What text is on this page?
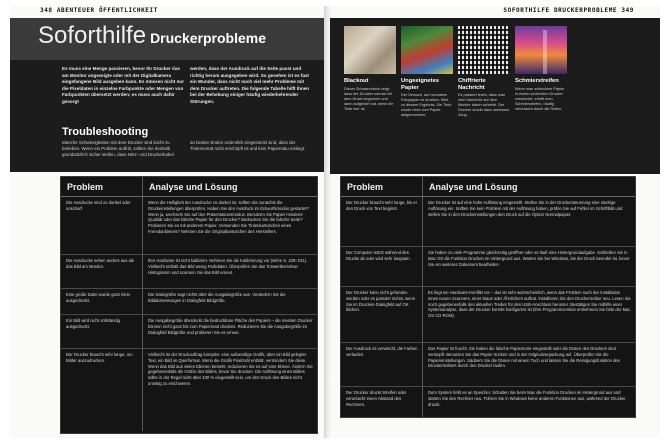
348 ABENTEUER ÖFFENTLICHKEIT
Soforthilfe Druckerprobleme
Es muss eine Menge passieren, bevor Ihr Drucker das am Monitor angezeigte oder mit der Digitalkamera eingefangene Bild ausgeben kann. Es müssen nicht nur die Pixeldaten in einzelne Farbpunkte oder Mengen von Farbpunkten übersetzt werden; es muss auch dafür gesorgt
werden, dass der Ausdruck auf die Seite passt und richtig herum ausgegeben wird. So gesehen ist es fast ein Wunder, dass nicht noch viel mehr Probleme mit dem Drucker auftreten. Die folgende Tabelle hilft Ihnen bei der Behebung einiger häufig wiederkehrender Störungen.
Troubleshooting
Manche Schwierigkeiten mit dem Drucker sind leicht zu beheben. Wenn ein Problem auftritt, sollten Sie deshalb grundsätzlich sicher stellen, dass Netz- und Druckerkabel
an beiden Enden ordentlich eingesteckt sind, dass der Tintenvorrat nicht erschöpft ist und kein Papierstau vorliegt.
Problem	Analyse und Lösung
Die Ausdrucke sind zu dunkel oder unscharf.
Wenn die Helligkeit der Ausdrucke zu dunkel ist, sollten Sie zunächst die Druckeinstellungen überprüfen. Haben Sie den Ausdruck im Entwurfsmodus gestartet? Wenn ja, wechseln Sie auf den Präsentationsmodus. Benutzen Sie Papier minderer Qualität oder das falsche Papier für den Drucker? Bedrucken Sie die falsche Seite? Probieren Sie es mit anderem Papier. Verwenden Sie Tintenkartuschen eines Fremdanbieters? Nehmen Sie die Originalkartuschen des Herstellers.
Die Ausdrucke sehen anders aus als das Bild am Monitor.
Ihre Hardware ist nicht kalibriert. Nehmen Sie die Kalibrierung vor (siehe S. 228–231). Vielleicht enthält das Bild wenig Farbdaten. Überprüfen Sie das Tonwertkorrektur-Histogramm und scannen Sie das Bild erneut.
Eine große Datei wurde ganz klein ausgedruckt.
Die Dateigröße sagt nichts über die Ausgabegröße aus. Verändern Sie die Bildabmessungen in Dialogfeld Bildgröße.
Ein Bild wird nicht vollständig ausgedruckt.
Die Ausgabegröße überdeckt die bedruckbare Fläche des Papiers – die meisten Drucker können nicht ganz bis zum Papierrand drucken. Reduzieren Sie die Ausgabegröße im Dialogfeld Bildgröße und probieren Sie es erneut.
Der Drucker braucht sehr lange, um Bilder auszudrucken.
Vielleicht ist der Druckauftrag komplex: eine aufwendige Grafik, über ein Bild gelegter Text, ein Bild im Querformat. Wenn die Grafik Pixelzahl enthält, vermindern Sie diese. Wenn das Bild aus vielen Ebenen besteht, reduzieren Sie es auf eine Ebene. Ändern Sie gegebenenfalls die Größe des Bildes, bevor Sie drucken. Die Auflösung eines Bildes sollte in der Regel nicht über 100 % eingestellt sein, um den Druck des Bildes nicht unnötig zu erschweren.
SOFORTHILFE DRUCKERPROBLEME 349
Blackout
Dieser Schwarzdruck zeigt, dass der Drucker normal mit dem Druck begonnen und dann aufgehört hat, wenn die Tinte leer ist.
Ungeeignetes Papier
Der Versuch, auf normalem Fotopapier zu drucken, führt zu diesem Ergebnis. Die Tinte wurde nicht vom Papier aufgenommen.
Chiffrierte Nachricht
Es passiert leicht, dass man eine Nachricht auf dem Monitor falsch schreibt. Der Drucker druckt dann sinnloses Zeug.
Schmierstreifen
Wenn man schlechtes Papier in einem schlechten Drucker verwendet, erhält man Schmierstreifen, häufig verursacht durch die Rollen.
Problem	Analyse und Lösung
Der Drucker braucht sehr lange, bis er den Druck von Text beginnt.
Der Drucker ist auf eine hohe Auflösung eingestellt. Stellen Sie in der Druckersteuerung eine niedrige Auflösung ein. Sollten Sie kein Problem mit der Auflösung haben, prüfen Sie auf Fehler im Schriftbild und stellen Sie in den Druckeinstellungen den Druck auf die Option Normalpapier.
Der Computer stürzt während des Drucks ab oder wird sehr langsam.
Sie haben zu viele Programme gleichzeitig geöffnet oder es läuft eine Hintergrundaufgabe. Schließen Sie in Mac OS die Funktion Drucken im Hintergrund aus. Warten Sie bei Windows, bis der Druck beendet ist, bevor Sie ein weiteres Dokument bearbeiten.
Der Drucker kann nicht gefunden werden oder es passiert nichts, wenn Sie im Drucken-Dialogfeld auf OK klicken.
Es liegt ein Hardware-Konflikt vor – das ist sehr wahrscheinlich, wenn das Problem nach der Installation eines neuen Scanners, einer Maus oder Ähnlichem auftrat. Installieren Sie den Druckertreiber neu. Lesen Sie noch gegebenenfalls den aktuellen Treiber für den USB-Anschluss herunter. Bestätigen Sie mithilfe einer Systemanalyse, dass der Drucker korrekt konfiguriert ist (Ihre Programmversion entnehmen Sie bitte der Mac OS CD-ROM).
Der Ausdruck ist verwischt, die Farben verlaufen.
Das Papier ist feucht. Sie haben die falsche Papiersorte eingestellt oder die Düsen des Druckers sind verstopft. Benutzen Sie das Papier trocken und in der Originalverpackung auf. Überprüfen Sie die Papiereinstellungen. Säubern Sie die Düsen mit einem Tuch und lassen Sie die Reinigungsfunktion des Druckertreibers durch den Drucker laufen.
Der Drucker druckt Streifen oder verursacht einen Abstand des Rechners.
Dem System fehlt es an Speicher. Schalten Sie beim Mac die Funktion Drucken im Hintergrund aus und starten Sie den Rechner neu. Führen Sie in Windows keine anderen Funktionen aus, während der Drucker druckt.
